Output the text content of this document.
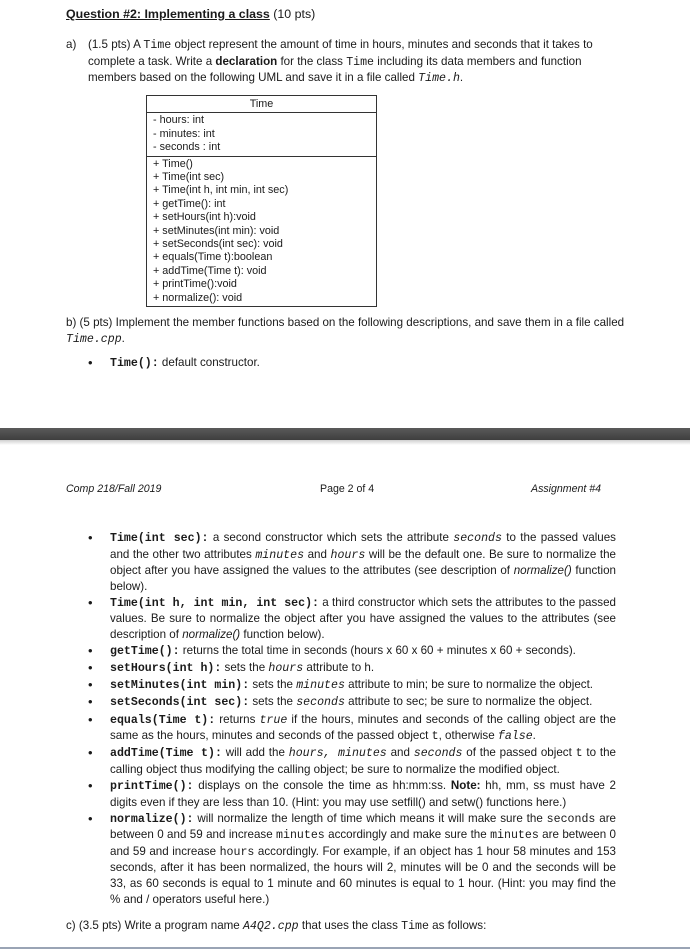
Question #2: Implementing a class (10 pts)
a) (1.5 pts) A Time object represent the amount of time in hours, minutes and seconds that it takes to complete a task. Write a declaration for the class Time including its data members and function members based on the following UML and save it in a file called Time.h.
Time
- hours: int
- minutes: int
- seconds : int
+ Time()
+ Time(int sec)
+ Time(int h, int min, int sec)
+ getTime(): int
+ setHours(int h):void
+ setMinutes(int min): void
+ setSeconds(int sec): void
+ equals(Time t):boolean
+ addTime(Time t): void
+ printTime():void
+ normalize(): void
b) (5 pts) Implement the member functions based on the following descriptions, and save them in a file called Time.cpp.
• Time(): default constructor.
Comp 218/Fall 2019	Page 2 of 4	Assignment #4
• Time(int sec): a second constructor which sets the attribute seconds to the passed values and the other two attributes minutes and hours will be the default one. Be sure to normalize the object after you have assigned the values to the attributes (see description of normalize() function below).
• Time(int h, int min, int sec): a third constructor which sets the attributes to the passed values. Be sure to normalize the object after you have assigned the values to the attributes (see description of normalize() function below).
• getTime(): returns the total time in seconds (hours x 60 x 60 + minutes x 60 + seconds).
• setHours(int h): sets the hours attribute to h.
• setMinutes(int min): sets the minutes attribute to min; be sure to normalize the object.
• setSeconds(int sec): sets the seconds attribute to sec; be sure to normalize the object.
• equals(Time t): returns true if the hours, minutes and seconds of the calling object are the same as the hours, minutes and seconds of the passed object t, otherwise false.
• addTime(Time t): will add the hours, minutes and seconds of the passed object t to the calling object thus modifying the calling object; be sure to normalize the modified object.
• printTime(): displays on the console the time as hh:mm:ss. Note: hh, mm, ss must have 2 digits even if they are less than 10. (Hint: you may use setfill() and setw() functions here.)
• normalize(): will normalize the length of time which means it will make sure the seconds are between 0 and 59 and increase minutes accordingly and make sure the minutes are between 0 and 59 and increase hours accordingly. For example, if an object has 1 hour 58 minutes and 153 seconds, after it has been normalized, the hours will 2, minutes will be 0 and the seconds will be 33, as 60 seconds is equal to 1 minute and 60 minutes is equal to 1 hour. (Hint: you may find the % and / operators useful here.)
c) (3.5 pts) Write a program name A4Q2.cpp that uses the class Time as follows:
